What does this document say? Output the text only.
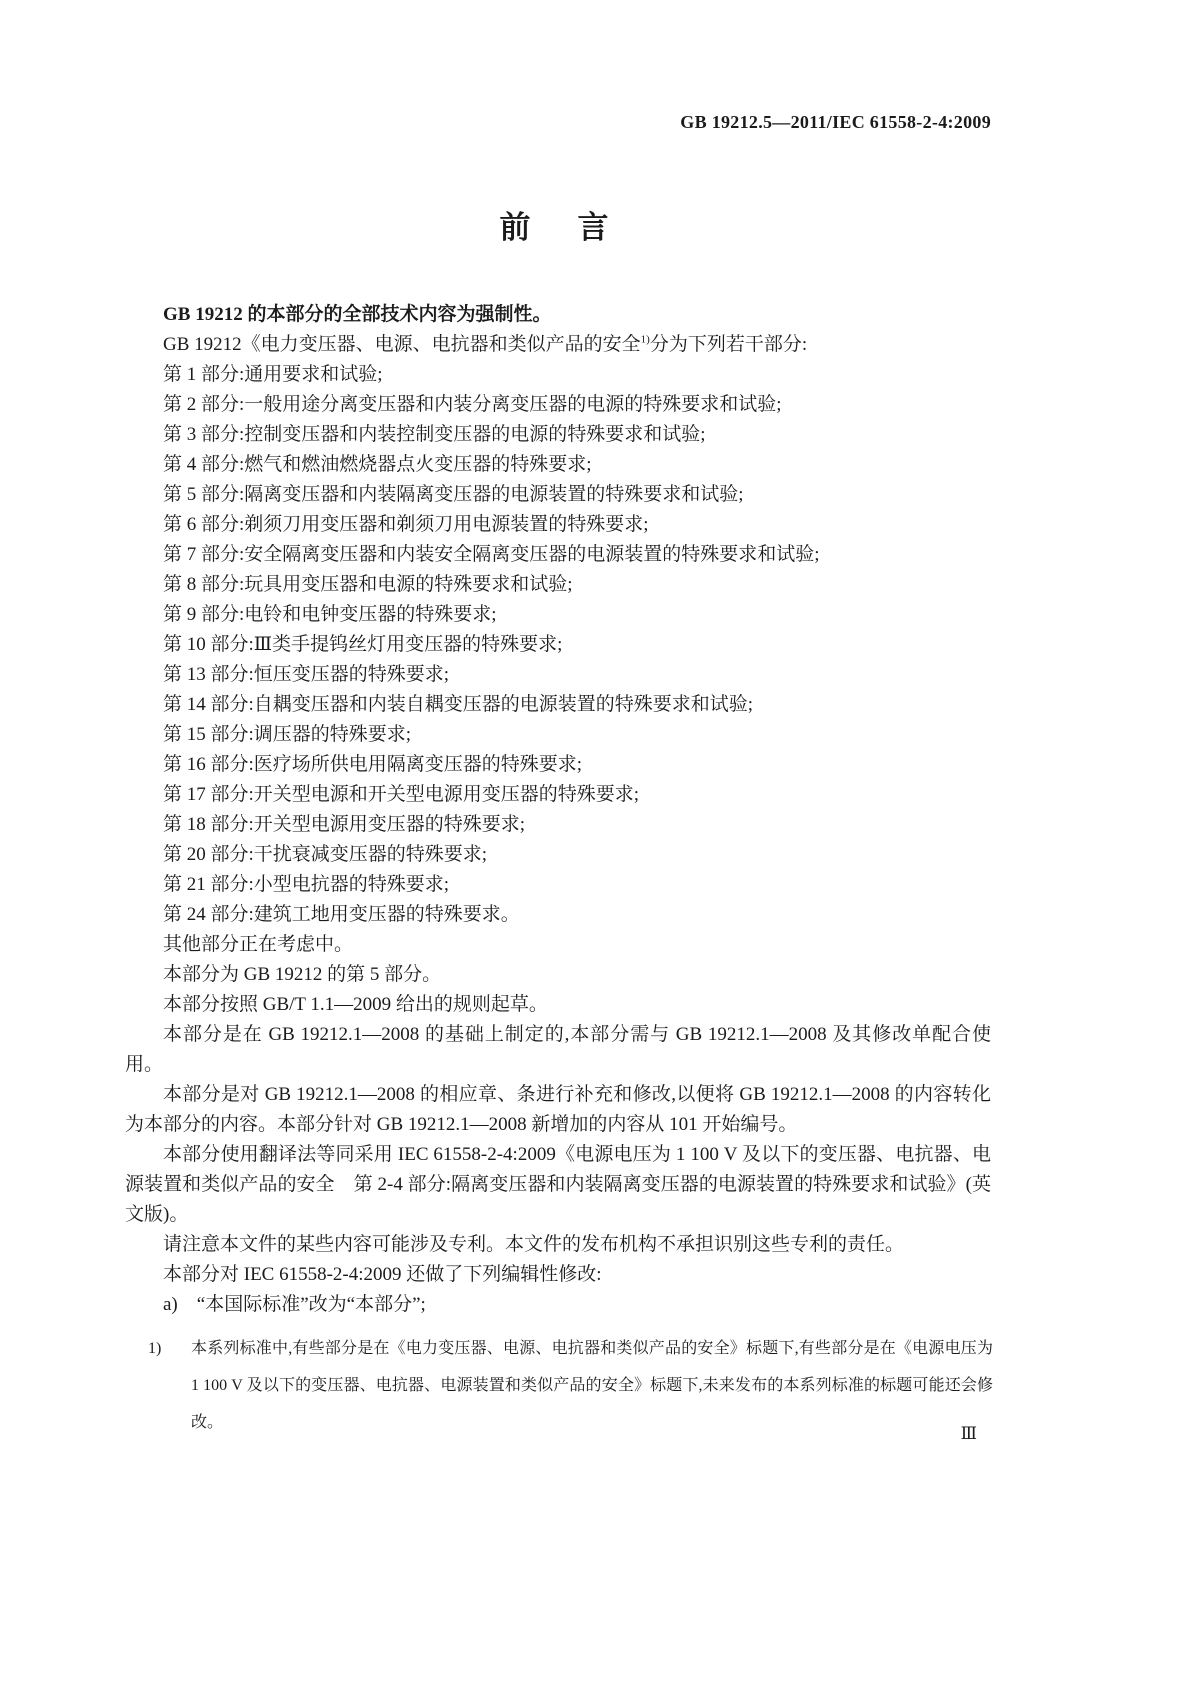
GB 19212.5—2011/IEC 61558-2-4:2009
前　言

GB 19212 的本部分的全部技术内容为强制性。

GB 19212《电力变压器、电源、电抗器和类似产品的安全$^{1)}$分为下列若干部分:

第 1 部分:通用要求和试验;

第 2 部分:一般用途分离变压器和内装分离变压器的电源的特殊要求和试验;

第 3 部分:控制变压器和内装控制变压器的电源的特殊要求和试验;

第 4 部分:燃气和燃油燃烧器点火变压器的特殊要求;

第 5 部分:隔离变压器和内装隔离变压器的电源装置的特殊要求和试验;

第 6 部分:剃须刀用变压器和剃须刀用电源装置的特殊要求;

第 7 部分:安全隔离变压器和内装安全隔离变压器的电源装置的特殊要求和试验;

第 8 部分:玩具用变压器和电源的特殊要求和试验;

第 9 部分:电铃和电钟变压器的特殊要求;

第 10 部分:Ⅲ类手提钨丝灯用变压器的特殊要求;

第 13 部分:恒压变压器的特殊要求;

第 14 部分:自耦变压器和内装自耦变压器的电源装置的特殊要求和试验;

第 15 部分:调压器的特殊要求;

第 16 部分:医疗场所供电用隔离变压器的特殊要求;

第 17 部分:开关型电源和开关型电源用变压器的特殊要求;

第 18 部分:开关型电源用变压器的特殊要求;

第 20 部分:干扰衰减变压器的特殊要求;

第 21 部分:小型电抗器的特殊要求;

第 24 部分:建筑工地用变压器的特殊要求。

其他部分正在考虑中。

本部分为 GB 19212 的第 5 部分。

本部分按照 GB/T 1.1—2009 给出的规则起草。

本部分是在 GB 19212.1—2008 的基础上制定的,本部分需与 GB 19212.1—2008 及其修改单配合使用。

本部分是对 GB 19212.1—2008 的相应章、条进行补充和修改,以便将 GB 19212.1—2008 的内容转化为本部分的内容。本部分针对 GB 19212.1—2008 新增加的内容从 101 开始编号。

本部分使用翻译法等同采用 IEC 61558-2-4:2009《电源电压为 1 100 V 及以下的变压器、电抗器、电源装置和类似产品的安全　第 2-4 部分:隔离变压器和内装隔离变压器的电源装置的特殊要求和试验》(英文版)。

请注意本文件的某些内容可能涉及专利。本文件的发布机构不承担识别这些专利的责任。

本部分对 IEC 61558-2-4:2009 还做了下列编辑性修改:

a) “本国际标准”改为“本部分”;

1) 本系列标准中,有些部分是在《电力变压器、电源、电抗器和类似产品的安全》标题下,有些部分是在《电源电压为 1 100 V 及以下的变压器、电抗器、电源装置和类似产品的安全》标题下,未来发布的本系列标准的标题可能还会修改。
Ⅲ
